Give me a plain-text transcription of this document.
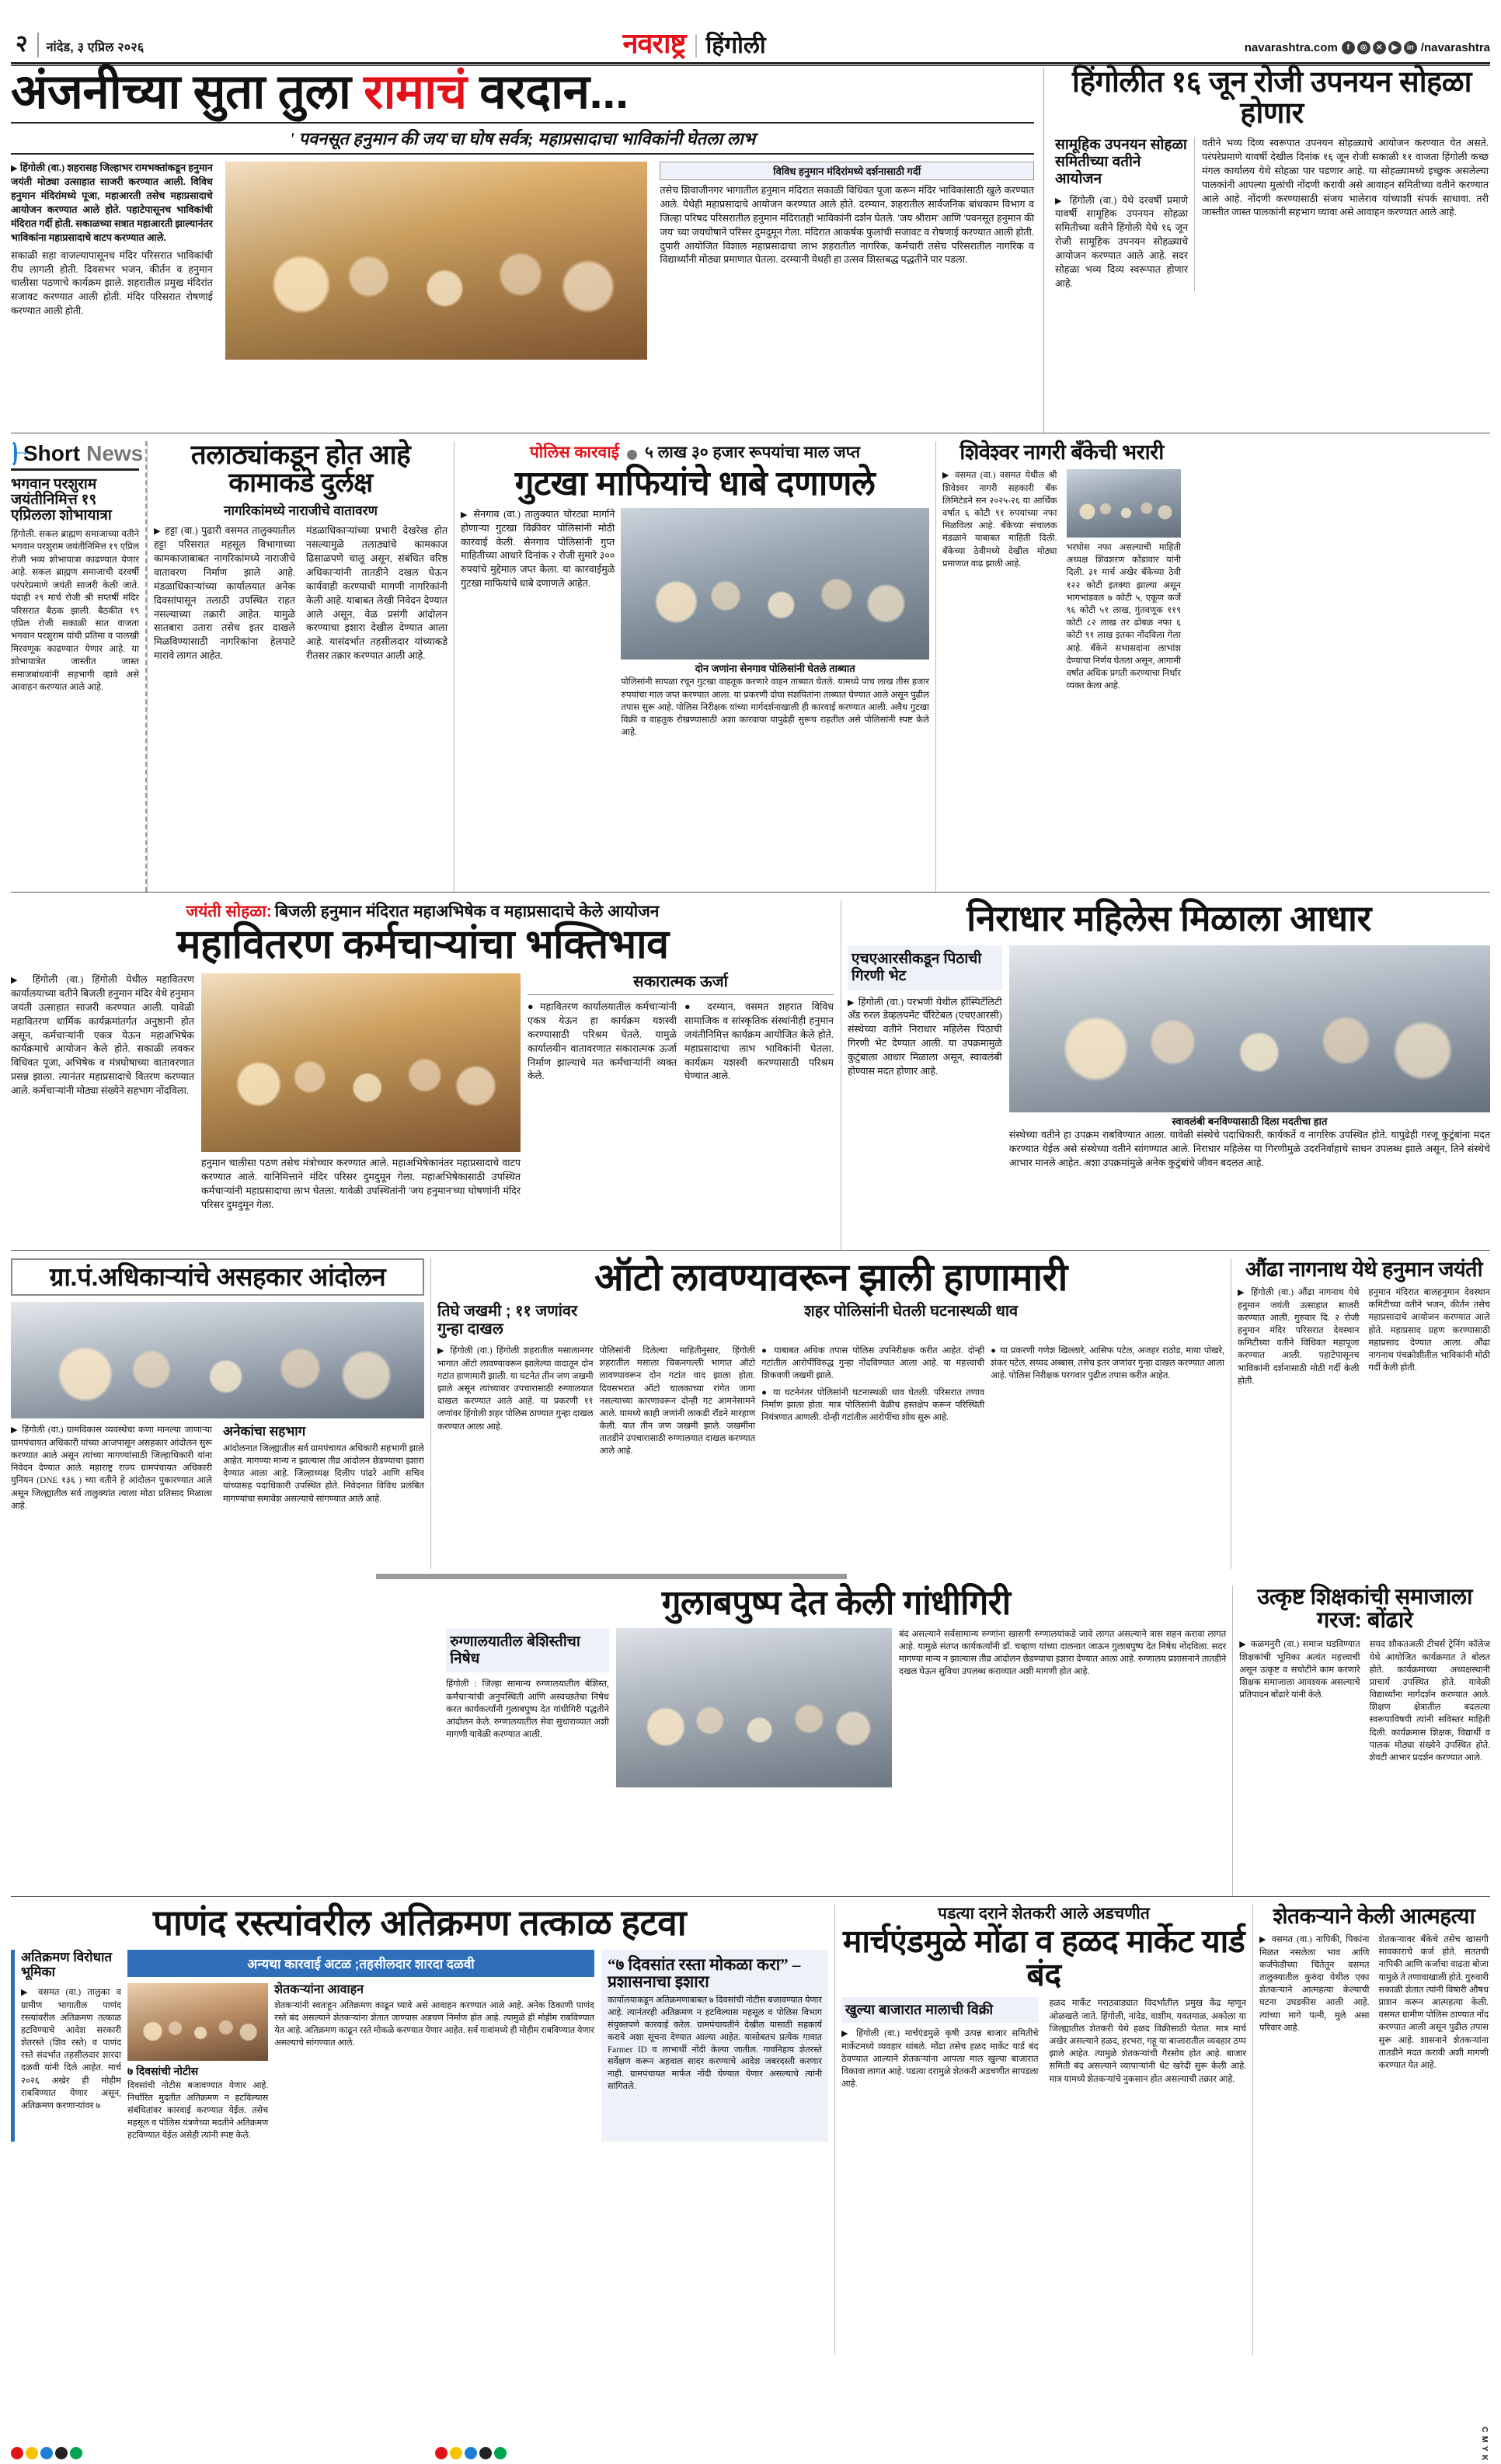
२	नांदेड, ३ एप्रिल २०२६	नवराष्ट्र हिंगोली	navarashtra.com	f	◎	✕	▶	in /navarashtra
अंजनीच्या सुता तुला रामाचं वरदान...
' पवनसूत हनुमान की जय'चा घोष सर्वत्र; महाप्रसादाचा भाविकांनी घेतला लाभ

▶ हिंगोली (वा.) शहरासह जिल्हाभर रामभक्तांकडून हनुमान जयंती मोठ्या उत्साहात साजरी करण्यात आली. विविध हनुमान मंदिरांमध्ये पूजा, महाआरती तसेच महाप्रसादाचे आयोजन करण्यात आले होते. पहाटेपासूनच भाविकांची मंदिरात गर्दी होती. सकाळच्या सत्रात महाआरती झाल्यानंतर भाविकांना महाप्रसादाचे वाटप करण्यात आले.

सकाळी सहा वाजल्यापासूनच मंदिर परिसरात भाविकांची रीघ लागली होती. दिवसभर भजन, कीर्तन व हनुमान चालीसा पठणाचे कार्यक्रम झाले. शहरातील प्रमुख मंदिरांत सजावट करण्यात आली होती. मंदिर परिसरात रोषणाई करण्यात आली होती.

विविध हनुमान मंदिरांमध्ये दर्शनासाठी गर्दी
तसेच शिवाजीनगर भागातील हनुमान मंदिरात सकाळी विधिवत पूजा करून मंदिर भाविकांसाठी खुले करण्यात आले. येथेही महाप्रसादाचे आयोजन करण्यात आले होते. दरम्यान, शहरातील सार्वजनिक बांधकाम विभाग व जिल्हा परिषद परिसरातील हनुमान मंदिरातही भाविकांनी दर्शन घेतले. 'जय श्रीराम' आणि 'पवनसूत हनुमान की जय' च्या जयघोषाने परिसर दुमदुमून गेला. मंदिरात आकर्षक फुलांची सजावट व रोषणाई करण्यात आली होती. दुपारी आयोजित विशाल महाप्रसादाचा लाभ शहरातील नागरिक, कर्मचारी तसेच परिसरातील नागरिक व विद्यार्थ्यांनी मोठ्या प्रमाणात घेतला. दरम्यानी येथही हा उत्सव शिस्तबद्ध पद्धतीने पार पडला.
हिंगोलीत १६ जून रोजी उपनयन सोहळा होणार
सामूहिक उपनयन सोहळा समितीच्या वतीने आयोजन
▶ हिंगोली (वा.) येथे दरवर्षी प्रमाणे यावर्षी सामूहिक उपनयन सोहळा समितीच्या वतीने हिंगोली येथे १६ जून रोजी सामूहिक उपनयन सोहळ्याचे आयोजन करण्यात आले आहे. सदर सोहळा भव्य दिव्य स्वरूपात होणार आहे.
वतीने भव्य दिव्य स्वरूपात उपनयन सोहळ्याचे आयोजन करण्यात येत असते. परंपरेप्रमाणे यावर्षी देखील दिनांक १६ जून रोजी सकाळी ११ वाजता हिंगोली कच्छ मंगल कार्यालय येथे सोहळा पार पडणार आहे. या सोहळ्यामध्ये इच्छुक असलेल्या पालकांनी आपल्या मुलांची नोंदणी करावी असे आवाहन समितीच्या वतीने करण्यात आले आहे. नोंदणी करण्यासाठी संजय भालेराव यांच्याशी संपर्क साधावा. तरी जास्तीत जास्त पालकांनी सहभाग घ्यावा असे आवाहन करण्यात आले आहे.
→
Short News
भगवान परशुराम जयंतीनिमित्त १९ एप्रिलला शोभायात्रा
हिंगोली. सकल ब्राह्मण समाजाच्या वतीने भगवान परशुराम जयंतीनिमित्त १९ एप्रिल रोजी भव्य शोभायात्रा काढण्यात येणार आहे. सकल ब्राह्मण समाजाची दरवर्षी परंपरेप्रमाणे जयंती साजरी केली जाते. यंदाही २९ मार्च रोजी श्री सप्तर्षी मंदिर परिसरात बैठक झाली. बैठकीत १९ एप्रिल रोजी सकाळी सात वाजता भगवान परशुराम यांची प्रतिमा व पालखी मिरवणूक काढण्यात येणार आहे. या शोभायात्रेत जास्तीत जास्त समाजबांधवांनी सहभागी व्हावे असे आवाहन करण्यात आले आहे.
तलाठ्यांकडून होत आहे कामाकडे दुर्लक्ष
नागरिकांमध्ये नाराजीचे वातावरण
▶ हट्टा (वा.) पुढारी वसमत तालुक्यातील हट्टा परिसरात महसूल विभागाच्या कामकाजाबाबत नागरिकांमध्ये नाराजीचे वातावरण निर्माण झाले आहे. मंडळाधिकाऱ्यांच्या कार्यालयात अनेक दिवसांपासून तलाठी उपस्थित राहत नसल्याच्या तक्रारी आहेत. यामुळे सातबारा उतारा तसेच इतर दाखले मिळविण्यासाठी नागरिकांना हेलपाटे मारावे लागत आहेत.
मंडळाधिकाऱ्यांच्या प्रभारी देखरेख होत नसल्यामुळे तलाठ्यांचे कामकाज ढिसाळपणे चालू असून, संबंधित वरिष्ठ अधिकाऱ्यांनी तातडीने दखल घेऊन कार्यवाही करण्याची मागणी नागरिकांनी केली आहे. याबाबत लेखी निवेदन देण्यात आले असून, वेळ प्रसंगी आंदोलन करण्याचा इशारा देखील देण्यात आला आहे. यासंदर्भात तहसीलदार यांच्याकडे रीतसर तक्रार करण्यात आली आहे.
पोलिस कारवाई ५ लाख ३० हजार रूपयांचा माल जप्त
गुटखा माफियांचे धाबे दणाणले
▶ सेनगाव (वा.) तालुक्यात चोरट्या मार्गाने होणाऱ्या गुटखा विक्रीवर पोलिसांनी मोठी कारवाई केली. सेनगाव पोलिसांनी गुप्त माहितीच्या आधारे दिनांक २ रोजी सुमारे ३०० रुपयांचे मुद्देमाल जप्त केला. या कारवाईमुळे गुटखा माफियांचे धाबे दणाणले आहेत.
दोन जणांना सेनगाव पोलिसांनी घेतले ताब्यात
पोलिसांनी सापळा रचून गुटखा वाहतूक करणारे वाहन ताब्यात घेतले. यामध्ये पाच लाख तीस हजार रुपयांचा माल जप्त करण्यात आला. या प्रकरणी दोघा संशयितांना ताब्यात घेण्यात आले असून पुढील तपास सुरू आहे. पोलिस निरीक्षक यांच्या मार्गदर्शनाखाली ही कारवाई करण्यात आली. अवैध गुटखा विक्री व वाहतूक रोखण्यासाठी अशा कारवाया यापुढेही सुरूच राहतील असे पोलिसांनी स्पष्ट केले आहे.
शिवेश्वर नागरी बँकेची भरारी
▶ वसमत (वा.) वसमत येथील श्री शिवेश्वर नागरी सहकारी बँक लिमिटेडने सन २०२५-२६ या आर्थिक वर्षात ६ कोटी ९१ रुपयांच्या नफा मिळविला आहे. बँकेच्या संचालक मंडळाने याबाबत माहिती दिली. बँकेच्या ठेवीमध्ये देखील मोठ्या प्रमाणात वाढ झाली आहे.
भरघोस नफा असल्याची माहिती अध्यक्ष शिवशरण कोंडावार यांनी दिली. ३१ मार्च अखेर बँकेच्या ठेवी १२२ कोटी इतक्या झाल्या असून भागभांडवल ७ कोटी ५, एकूण कर्जे ९६ कोटी ५१ लाख, गुंतवणूक ११९ कोटी ८२ लाख तर ढोबळ नफा ६ कोटी ९१ लाख इतका नोंदविला गेला आहे. बँकेने सभासदांना लाभांश देण्याचा निर्णय घेतला असून, आगामी वर्षात अधिक प्रगती करण्याचा निर्धार व्यक्त केला आहे.
जयंती सोहळा: बिजली हनुमान मंदिरात महाअभिषेक व महाप्रसादाचे केले आयोजन
महावितरण कर्मचाऱ्यांचा भक्तिभाव
▶ हिंगोली (वा.) हिंगोली येथील महावितरण कार्यालयाच्या वतीने बिजली हनुमान मंदिर येथे हनुमान जयंती उत्साहात साजरी करण्यात आली. यावेळी महावितरण धार्मिक कार्यक्रमांतर्गत अनुष्ठानी होत असून, कर्मचाऱ्यांनी एकत्र येऊन महाअभिषेक कार्यक्रमाचे आयोजन केले होते. सकाळी लवकर विधिवत पूजा, अभिषेक व मंत्रघोषाच्या वातावरणात प्रसन्न झाला. त्यानंतर महाप्रसादाचे वितरण करण्यात आले. कर्मचाऱ्यांनी मोठ्या संख्येने सहभाग नोंदविला.
हनुमान चालीसा पठण तसेच मंत्रोच्चार करण्यात आले. महाअभिषेकानंतर महाप्रसादाचे वाटप करण्यात आले. यानिमित्ताने मंदिर परिसर दुमदुमून गेला. महाअभिषेकासाठी उपस्थित कर्मचाऱ्यांनी महाप्रसादाचा लाभ घेतला. यावेळी उपस्थितांनी 'जय हनुमान'च्या घोषणांनी मंदिर परिसर दुमदुमून गेला.
सकारात्मक ऊर्जा
● महावितरण कार्यालयातील कर्मचाऱ्यांनी एकत्र येऊन हा कार्यक्रम यशस्वी करण्यासाठी परिश्रम घेतले. यामुळे कार्यालयीन वातावरणात सकारात्मक ऊर्जा निर्माण झाल्याचे मत कर्मचाऱ्यांनी व्यक्त केले.
● दरम्यान, वसमत शहरात विविध सामाजिक व सांस्कृतिक संस्थांनीही हनुमान जयंतीनिमित्त कार्यक्रम आयोजित केले होते. महाप्रसादाचा लाभ भाविकांनी घेतला. कार्यक्रम यशस्वी करण्यासाठी परिश्रम घेण्यात आले.
निराधार महिलेस मिळाला आधार
एचएआरसीकडून पिठाची गिरणी भेट
▶ हिंगोली (वा.) परभणी येथील हॉस्पिटॅलिटी अँड रुरल डेव्हलपमेंट चॅरिटेबल (एचएआरसी) संस्थेच्या वतीने निराधार महिलेस पिठाची गिरणी भेट देण्यात आली. या उपक्रमामुळे कुटुंबाला आधार मिळाला असून, स्वावलंबी होण्यास मदत होणार आहे.
स्वावलंबी बनविण्यासाठी दिला मदतीचा हात
संस्थेच्या वतीने हा उपक्रम राबविण्यात आला. यावेळी संस्थेचे पदाधिकारी, कार्यकर्ते व नागरिक उपस्थित होते. यापुढेही गरजू कुटुंबांना मदत करण्यात येईल असे संस्थेच्या वतीने सांगण्यात आले. निराधार महिलेस या गिरणीमुळे उदरनिर्वाहाचे साधन उपलब्ध झाले असून, तिने संस्थेचे आभार मानले आहेत. अशा उपक्रमांमुळे अनेक कुटुंबांचे जीवन बदलत आहे.
ग्रा.पं.अधिकाऱ्यांचे असहकार आंदोलन
▶ हिंगोली (वा.) ग्रामविकास व्यवस्थेचा कणा मानल्या जाणाऱ्या ग्रामपंचायत अधिकारी यांच्या आजपासून असहकार आंदोलन सुरू करण्यात आले असून त्यांच्या मागण्यांसाठी जिल्हाधिकारी यांना निवेदन देण्यात आले. महाराष्ट्र राज्य ग्रामपंचायत अधिकारी युनियन (DNE १३६ ) च्या वतीने हे आंदोलन पुकारण्यात आले असून जिल्ह्यातील सर्व तालुक्यांत त्याला मोठा प्रतिसाद मिळाला आहे.
अनेकांचा सहभाग
आंदोलनात जिल्ह्यातील सर्व ग्रामपंचायत अधिकारी सहभागी झाले आहेत. मागण्या मान्य न झाल्यास तीव्र आंदोलन छेडण्याचा इशारा देण्यात आला आहे. जिल्हाध्यक्ष दिलीप पांढरे आणि सचिव यांच्यासह पदाधिकारी उपस्थित होते. निवेदनात विविध प्रलंबित मागण्यांचा समावेश असल्याचे सांगण्यात आले आहे.
ऑटो लावण्यावरून झाली हाणामारी
तिघे जखमी ; ११ जणांवर गुन्हा दाखल
शहर पोलिसांनी घेतली घटनास्थळी धाव
▶ हिंगोली (वा.) हिंगोली शहरातील मसालानगर भागात ऑटो लावण्यावरून झालेल्या वादातून दोन गटांत हाणामारी झाली. या घटनेत तीन जण जखमी झाले असून त्यांच्यावर उपचारासाठी रुग्णालयात दाखल करण्यात आले आहे. या प्रकरणी ११ जणांवर हिंगोली शहर पोलिस ठाण्यात गुन्हा दाखल करण्यात आला आहे.
पोलिसांनी दिलेल्या माहितीनुसार, हिंगोली शहरातील मसाला चिकनगल्ली भागात ऑटो लावण्यावरून दोन गटांत वाद झाला होता. दिवसभरात ऑटो चालकाच्या रांगेत जागा नसल्याच्या कारणावरून दोन्ही गट आमनेसामने आले. यामध्ये काही जणांनी लाकडी रॉडने मारहाण केली. यात तीन जण जखमी झाले. जखमींना तातडीने उपचारासाठी रुग्णालयात दाखल करण्यात आले आहे.

● याबाबत अधिक तपास पोलिस उपनिरीक्षक करीत आहेत. दोन्ही गटांतील आरोपींविरुद्ध गुन्हा नोंदविण्यात आला आहे. या महत्त्वाची शिकवणी जखमी झाले.

● या घटनेनंतर पोलिसांनी घटनास्थळी धाव घेतली. परिसरात तणाव निर्माण झाला होता. मात्र पोलिसांनी वेळीच हस्तक्षेप करून परिस्थिती नियंत्रणात आणली. दोन्ही गटांतील आरोपींचा शोध सुरू आहे.

● या प्रकरणी गणेश खिल्लारे, आसिफ पटेल, अजहर राठोड, माया पोखरे, शंकर पटेल, सय्यद अब्बास, तसेच इतर जणांवर गुन्हा दाखल करण्यात आला आहे. पोलिस निरीक्षक परगवार पुढील तपास करीत आहेत.
औंढा नागनाथ येथे हनुमान जयंती
▶ हिंगोली (वा.) औंढा नागनाथ येथे हनुमान जयंती उत्साहात साजरी करण्यात आली. गुरुवार दि. २ रोजी हनुमान मंदिर परिसरात देवस्थान कमिटीच्या वतीने विधिवत महापूजा करण्यात आली. पहाटेपासूनच भाविकांनी दर्शनासाठी मोठी गर्दी केली होती.
हनुमान मंदिरात बालहनुमान देवस्थान कमिटीच्या वतीने भजन, कीर्तन तसेच महाप्रसादाचे आयोजन करण्यात आले होते. महाप्रसाद ग्रहण करण्यासाठी महाप्रसाद देण्यात आला. औंढा नागनाथ पंचक्रोशीतील भाविकांनी मोठी गर्दी केली होती.
गुलाबपुष्प देत केली गांधीगिरी
रुग्णालयातील बेशिस्तीचा निषेध
हिंगोली : जिल्हा सामान्य रुग्णालयातील बेशिस्त, कर्मचाऱ्यांची अनुपस्थिती आणि अस्वच्छतेचा निषेध करत कार्यकर्त्यांनी गुलाबपुष्प देत गांधीगिरी पद्धतीने आंदोलन केले. रुग्णालयातील सेवा सुधाराव्यात अशी मागणी यावेळी करण्यात आली.
बंद असल्याने सर्वसामान्य रुग्णांना खासगी रुग्णालयांकडे जावे लागत असल्याने त्रास सहन करावा लागत आहे. यामुळे संतप्त कार्यकर्त्यांनी डॉ. चव्हाण यांच्या दालनात जाऊन गुलाबपुष्प देत निषेध नोंदविला. सदर मागण्या मान्य न झाल्यास तीव्र आंदोलन छेडण्याचा इशारा देण्यात आला आहे. रुग्णालय प्रशासनाने तातडीने दखल घेऊन सुविधा उपलब्ध कराव्यात अशी मागणी होत आहे.
उत्कृष्ट शिक्षकांची समाजाला गरज: बोंढारे
▶ कळमनुरी (वा.) समाज घडविण्यात शिक्षकांची भूमिका अत्यंत महत्त्वाची असून उत्कृष्ट व सचोटीने काम करणारे शिक्षक समाजाला आवश्यक असल्याचे प्रतिपादन बोंढारे यांनी केले.
सयद शौकतअली टीचर्स ट्रेनिंग कॉलेज येथे आयोजित कार्यक्रमात ते बोलत होते. कार्यक्रमाच्या अध्यक्षस्थानी प्राचार्य उपस्थित होते. यावेळी विद्यार्थ्यांना मार्गदर्शन करण्यात आले. शिक्षण क्षेत्रातील बदलत्या स्वरूपाविषयी त्यांनी सविस्तर माहिती दिली. कार्यक्रमास शिक्षक, विद्यार्थी व पालक मोठ्या संख्येने उपस्थित होते. शेवटी आभार प्रदर्शन करण्यात आले.
पाणंद रस्त्यांवरील अतिक्रमण तत्काळ हटवा
अतिक्रमण विरोधात भूमिका
▶ वसमत (वा.) तालुका व ग्रामीण भागातील पाणंद रस्त्यांवरील अतिक्रमण तत्काळ हटविण्याचे आदेश सरकारी शेतरस्ते (शिव रस्ते) व पाणंद रस्ते संदर्भात तहसीलदार शारदा दळवी यांनी दिले आहेत. मार्च २०२६ अखेर ही मोहीम राबविण्यात येणार असून, अतिक्रमण करणाऱ्यांवर ७
अन्यथा कारवाई अटळ ;तहसीलदार शारदा दळवी
७ दिवसांची नोटीस
दिवसांची नोटीस बजावण्यात येणार आहे. निर्धारित मुदतीत अतिक्रमण न हटविल्यास संबंधितांवर कारवाई करण्यात येईल. तसेच महसूल व पोलिस यंत्रणेच्या मदतीने अतिक्रमण हटविण्यात येईल असेही त्यांनी स्पष्ट केले.
शेतकऱ्यांना आवाहन
शेतकऱ्यांनी स्वतःहून अतिक्रमण काढून घ्यावे असे आवाहन करण्यात आले आहे. अनेक ठिकाणी पाणंद रस्ते बंद असल्याने शेतकऱ्यांना शेतात जाण्यास अडचण निर्माण होत आहे. त्यामुळे ही मोहीम राबविण्यात येत आहे. अतिक्रमण काढून रस्ते मोकळे करण्यात येणार आहेत. सर्व गावांमध्ये ही मोहीम राबविण्यात येणार असल्याचे सांगण्यात आले.
“७ दिवसांत रस्ता मोकळा करा” – प्रशासनाचा इशारा
कार्यालयाकडून अतिक्रमणाबाबत ७ दिवसांची नोटीस बजावण्यात येणार आहे. त्यानंतरही अतिक्रमण न हटविल्यास महसूल व पोलिस विभाग संयुक्तपणे कारवाई करेल. ग्रामपंचायतीने देखील यासाठी सहकार्य करावे अशा सूचना देण्यात आल्या आहेत. यासोबतच प्रत्येक गावात Farmer ID व लाभार्थी नोंदी केल्या जातील. गावनिहाय शेतरस्ते सर्वेक्षण करून अहवाल सादर करण्याचे आदेश जबरदस्ती करणार नाही. ग्रामपंचायत मार्फत नोंदी घेण्यात येणार असल्याचे त्यांनी सांगितले.
पडत्या दराने शेतकरी आले अडचणीत
मार्चएंडमुळे मोंढा व हळद मार्केट यार्ड बंद
खुल्या बाजारात मालाची विक्री
▶ हिंगोली (वा.) मार्चएंडमुळे कृषी उत्पन्न बाजार समितीचे मार्केटमध्ये व्यवहार थांबले. मोंढा तसेच हळद मार्केट यार्ड बंद ठेवण्यात आल्याने शेतकऱ्यांना आपला माल खुल्या बाजारात विकावा लागत आहे. पडत्या दरामुळे शेतकरी अडचणीत सापडला आहे.
हळद मार्केट मराठवाड्यात विदर्भातील प्रमुख केंद्र म्हणून ओळखले जाते. हिंगोली, नांदेड, वाशीम, यवतमाळ, अकोला या जिल्ह्यातील शेतकरी येथे हळद विक्रीसाठी येतात. मात्र मार्च अखेर असल्याने हळद, हरभरा, गहू या बाजारातील व्यवहार ठप्प झाले आहेत. त्यामुळे शेतकऱ्यांची गैरसोय होत आहे. बाजार समिती बंद असल्याने व्यापाऱ्यांनी थेट खरेदी सुरू केली आहे. मात्र यामध्ये शेतकऱ्यांचे नुकसान होत असल्याची तक्रार आहे.
शेतकऱ्याने केली आत्महत्या
▶ वसमत (वा.) नापिकी, पिकांना मिळत नसलेला भाव आणि कर्जफेडीच्या चिंतेतून वसमत तालुक्यातील कुरुंदा येथील एका शेतकऱ्याने आत्महत्या केल्याची घटना उघडकीस आली आहे. त्यांच्या मागे पत्नी, मुले असा परिवार आहे.
शेतकऱ्यावर बँकेचे तसेच खासगी सावकाराचे कर्ज होते. सततची नापिकी आणि कर्जाचा वाढता बोजा यामुळे ते तणावाखाली होते. गुरुवारी सकाळी शेतात त्यांनी विषारी औषध प्राशन करून आत्महत्या केली. वसमत ग्रामीण पोलिस ठाण्यात नोंद करण्यात आली असून पुढील तपास सुरू आहे. शासनाने शेतकऱ्यांना तातडीने मदत करावी अशी मागणी करण्यात येत आहे.
C M Y K
